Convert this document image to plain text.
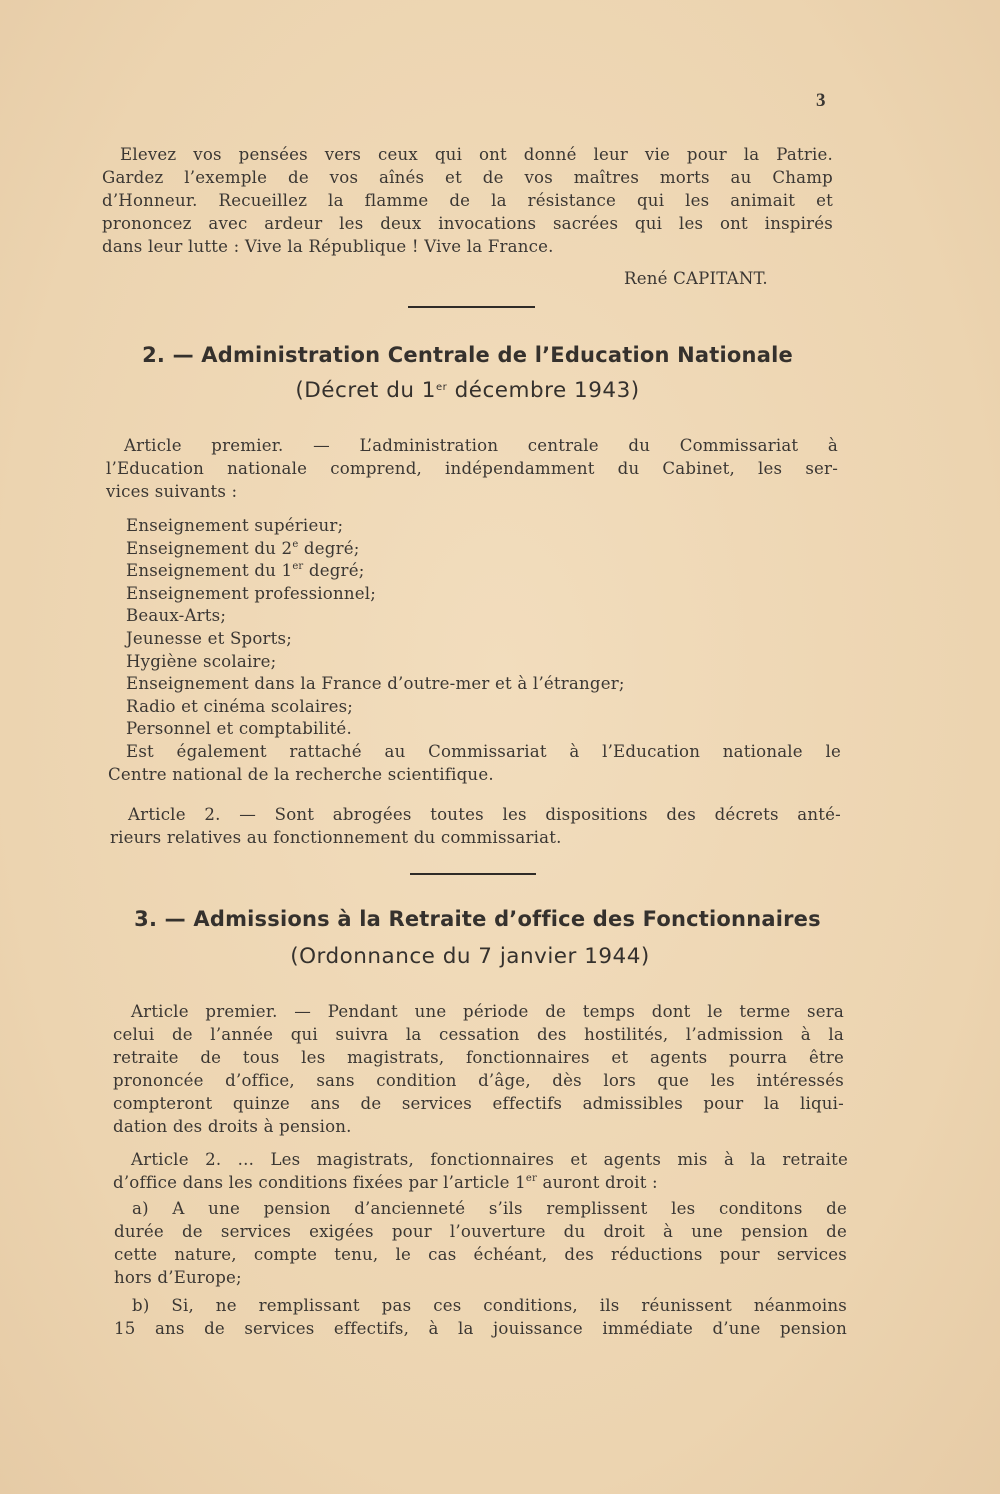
3
Elevez vos pensées vers ceux qui ont donné leur vie pour la Patrie.
Gardez l’exemple de vos aînés et de vos maîtres morts au Champ
d’Honneur. Recueillez la flamme de la résistance qui les animait et
prononcez avec ardeur les deux invocations sacrées qui les ont inspirés
dans leur lutte : Vive la République ! Vive la France.
René CAPITANT.
2. — Administration Centrale de l’Education Nationale
(Décret du 1er décembre 1943)
Article premier. — L’administration centrale du Commissariat à
l’Education nationale comprend, indépendamment du Cabinet, les ser-
vices suivants :
Enseignement supérieur;
Enseignement du 2e degré;
Enseignement du 1er degré;
Enseignement professionnel;
Beaux-Arts;
Jeunesse et Sports;
Hygiène scolaire;
Enseignement dans la France d’outre-mer et à l’étranger;
Radio et cinéma scolaires;
Personnel et comptabilité.
Est également rattaché au Commissariat à l’Education nationale le
Centre national de la recherche scientifique.
Article 2. — Sont abrogées toutes les dispositions des décrets anté-
rieurs relatives au fonctionnement du commissariat.
3. — Admissions à la Retraite d’office des Fonctionnaires
(Ordonnance du 7 janvier 1944)
Article premier. — Pendant une période de temps dont le terme sera
celui de l’année qui suivra la cessation des hostilités, l’admission à la
retraite de tous les magistrats, fonctionnaires et agents pourra être
prononcée d’office, sans condition d’âge, dès lors que les intéressés
compteront quinze ans de services effectifs admissibles pour la liqui-
dation des droits à pension.
Article 2. ... Les magistrats, fonctionnaires et agents mis à la retraite
d’office dans les conditions fixées par l’article 1er auront droit :
a) A une pension d’ancienneté s’ils remplissent les conditons de
durée de services exigées pour l’ouverture du droit à une pension de
cette nature, compte tenu, le cas échéant, des réductions pour services
hors d’Europe;
b) Si, ne remplissant pas ces conditions, ils réunissent néanmoins
15 ans de services effectifs, à la jouissance immédiate d’une pension
